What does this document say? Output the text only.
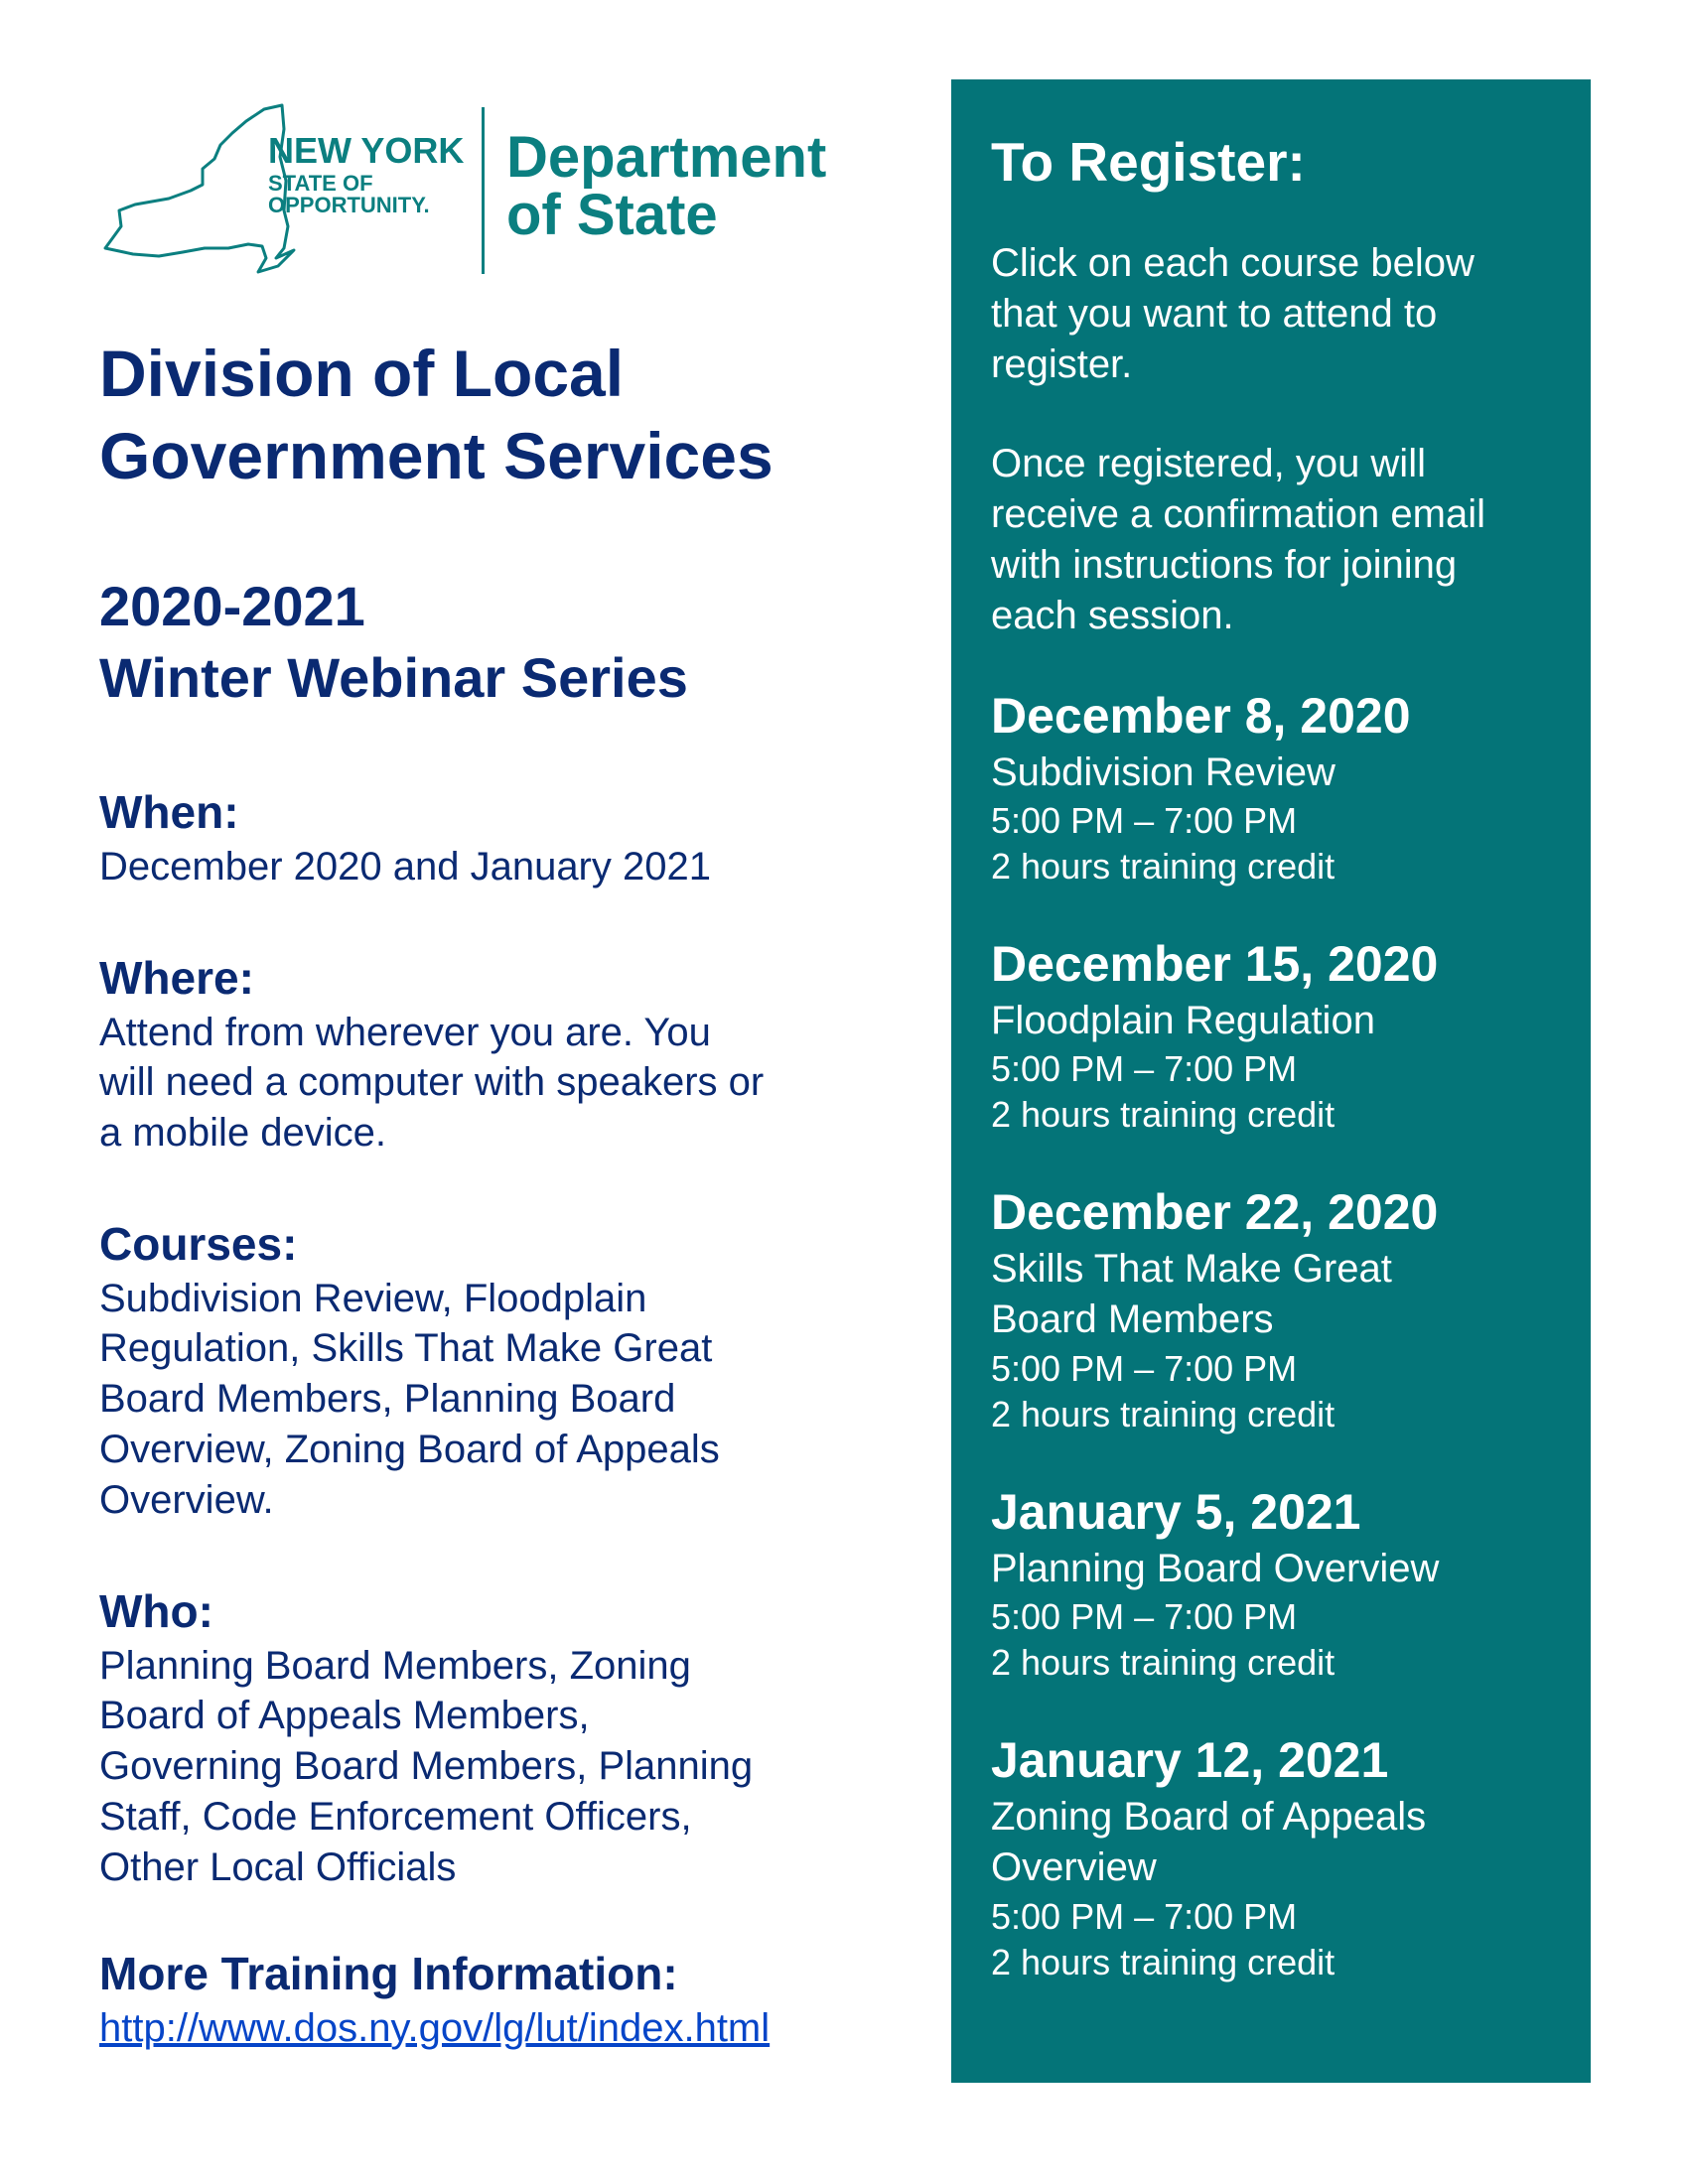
NEW YORK
STATE OF
OPPORTUNITY.
Department
of State
Division of Local
Government Services
2020-2021
Winter Webinar Series
When:
December 2020 and January 2021
Where:
Attend from wherever you are. You
will need a computer with speakers or
a mobile device.
Courses:
Subdivision Review, Floodplain
Regulation, Skills That Make Great
Board Members, Planning Board
Overview, Zoning Board of Appeals
Overview.
Who:
Planning Board Members, Zoning
Board of Appeals Members,
Governing Board Members, Planning
Staff, Code Enforcement Officers,
Other Local Officials
More Training Information:
http://www.dos.ny.gov/lg/lut/index.html
To Register:
Click on each course below
that you want to attend to
register.
Once registered, you will
receive a confirmation email
with instructions for joining
each session.
December 8, 2020
Subdivision Review
5:00 PM – 7:00 PM
2 hours training credit
December 15, 2020
Floodplain Regulation
5:00 PM – 7:00 PM
2 hours training credit
December 22, 2020
Skills That Make Great
Board Members
5:00 PM – 7:00 PM
2 hours training credit
January 5, 2021
Planning Board Overview
5:00 PM – 7:00 PM
2 hours training credit
January 12, 2021
Zoning Board of Appeals
Overview
5:00 PM – 7:00 PM
2 hours training credit
